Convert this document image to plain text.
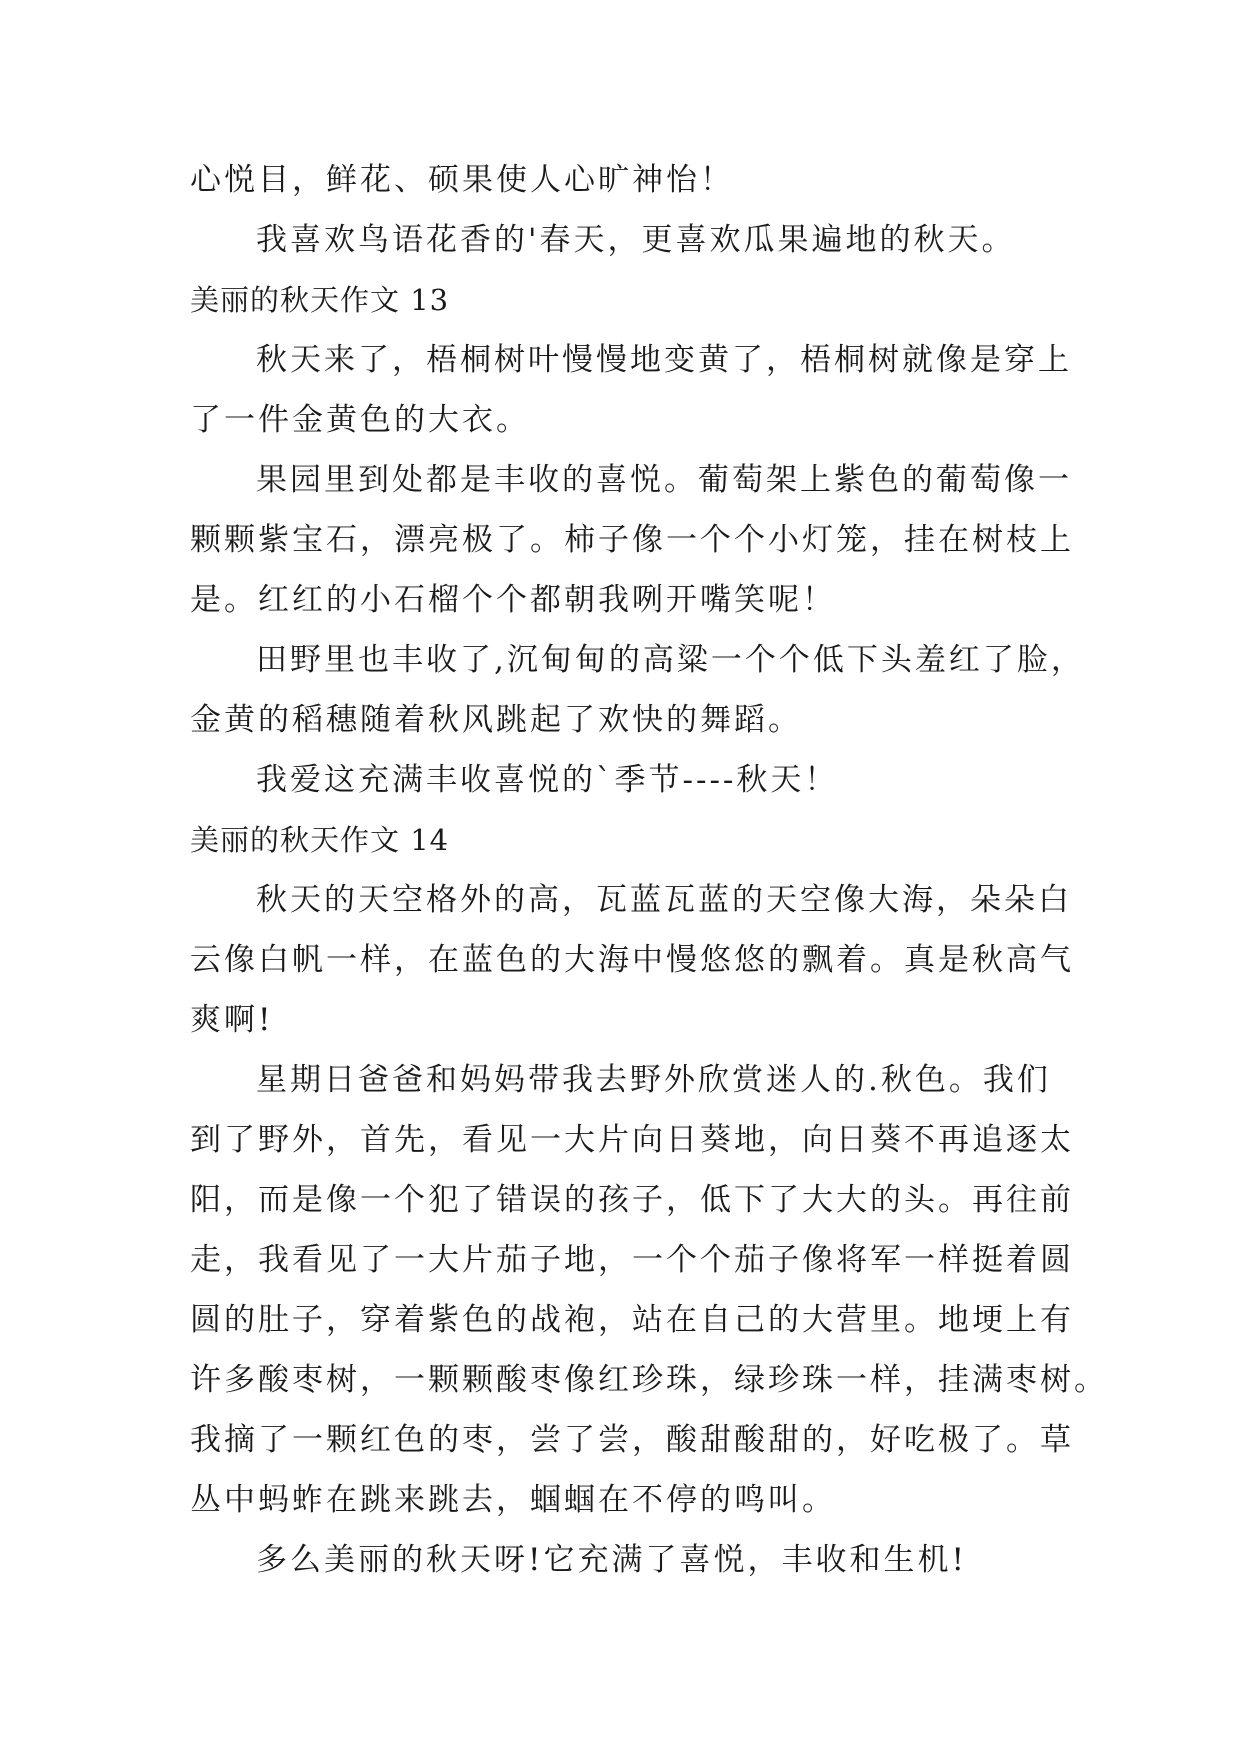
心悦目，鲜花、硕果使人心旷神怡！
我喜欢鸟语花香的'春天，更喜欢瓜果遍地的秋天。
美丽的秋天作文 13
秋天来了，梧桐树叶慢慢地变黄了，梧桐树就像是穿上
了一件金黄色的大衣。
果园里到处都是丰收的喜悦。葡萄架上紫色的葡萄像一
颗颗紫宝石，漂亮极了。柿子像一个个小灯笼，挂在树枝上
是。红红的小石榴个个都朝我咧开嘴笑呢！
田野里也丰收了,沉甸甸的高粱一个个低下头羞红了脸，
金黄的稻穗随着秋风跳起了欢快的舞蹈。
我爱这充满丰收喜悦的`季节----秋天！
美丽的秋天作文 14
秋天的天空格外的高，瓦蓝瓦蓝的天空像大海，朵朵白
云像白帆一样，在蓝色的大海中慢悠悠的飘着。真是秋高气
爽啊!
星期日爸爸和妈妈带我去野外欣赏迷人的.秋色。我们
到了野外，首先，看见一大片向日葵地，向日葵不再追逐太
阳，而是像一个犯了错误的孩子，低下了大大的头。再往前
走，我看见了一大片茄子地，一个个茄子像将军一样挺着圆
圆的肚子，穿着紫色的战袍，站在自己的大营里。地埂上有
许多酸枣树，一颗颗酸枣像红珍珠，绿珍珠一样，挂满枣树。
我摘了一颗红色的枣，尝了尝，酸甜酸甜的，好吃极了。草
丛中蚂蚱在跳来跳去，蝈蝈在不停的鸣叫。
多么美丽的秋天呀!它充满了喜悦，丰收和生机!
